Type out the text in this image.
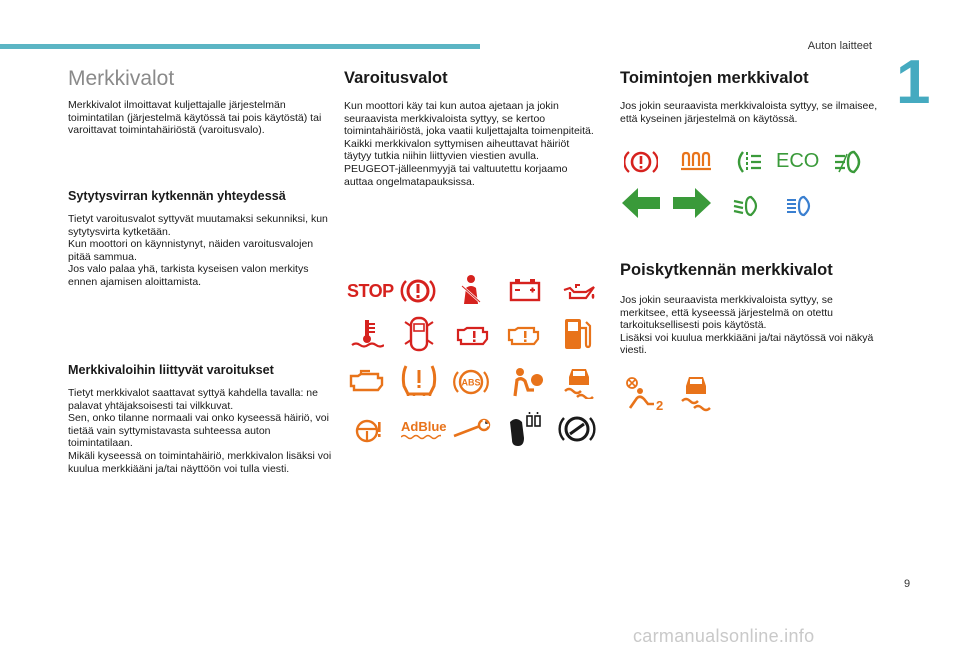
Auton laitteet
1
9
carmanualsonline.info
Merkkivalot

Merkkivalot ilmoittavat kuljettajalle järjestelmän toimintatilan (järjestelmä käytössä tai pois käytöstä) tai varoittavat toimintahäiriöstä (varoitusvalo).

Sytytysvirran kytkennän yhteydessä

Tietyt varoitusvalot syttyvät muutamaksi sekunniksi, kun sytytysvirta kytketään.
Kun moottori on käynnistynyt, näiden varoitusvalojen pitää sammua.
Jos valo palaa yhä, tarkista kyseisen valon merkitys ennen ajamisen aloittamista.

Merkkivaloihin liittyvät varoitukset

Tietyt merkkivalot saattavat syttyä kahdella tavalla: ne palavat yhtäjaksoisesti tai vilkkuvat.
Sen, onko tilanne normaali vai onko kyseessä häiriö, voi tietää vain syttymistavasta suhteessa auton toimintatilaan.
Mikäli kyseessä on toimintahäiriö, merkkivalon lisäksi voi kuulua merkkiääni ja/tai näyttöön voi tulla viesti.

Varoitusvalot

Kun moottori käy tai kun autoa ajetaan ja jokin seuraavista merkkivaloista syttyy, se kertoo toimintahäiriöstä, joka vaatii kuljettajalta toimenpiteitä.
Kaikki merkkivalon syttymisen aiheuttavat häiriöt täytyy tutkia niihin liittyvien viestien avulla.
PEUGEOT-jälleenmyyjä tai valtuutettu korjaamo auttaa ongelmatapauksissa.

STOP
ABS
AdBlue
Toimintojen merkkivalot

Jos jokin seuraavista merkkivaloista syttyy, se ilmaisee, että kyseinen järjestelmä on käytössä.

ECO
Poiskytkennän merkkivalot

Jos jokin seuraavista merkkivaloista syttyy, se merkitsee, että kyseessä järjestelmä on otettu tarkoituksellisesti pois käytöstä.
Lisäksi voi kuulua merkkiääni ja/tai näytössä voi näkyä viesti.

2
